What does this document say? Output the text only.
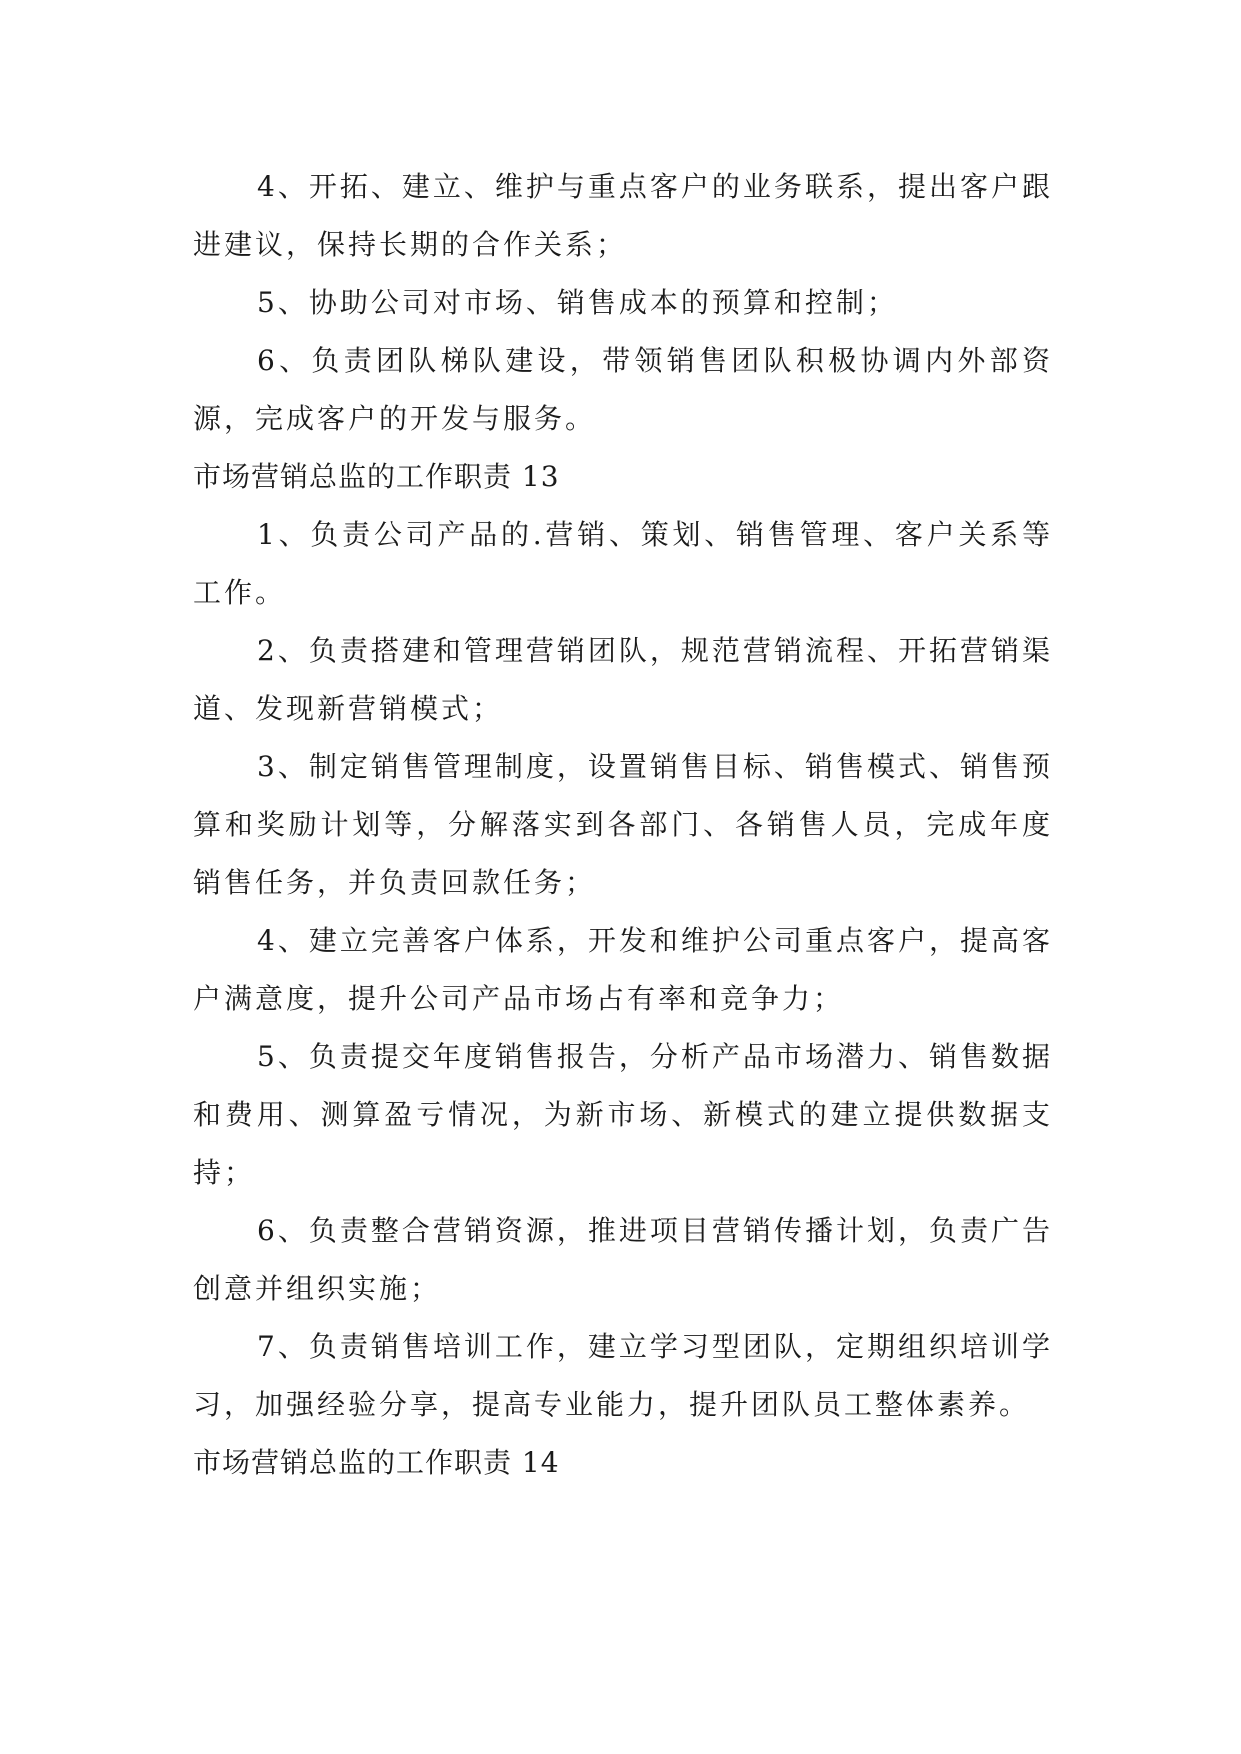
4、开拓、建立、维护与重点客户的业务联系，提出客户跟进建议，保持长期的合作关系；

5、协助公司对市场、销售成本的预算和控制；

6、负责团队梯队建设，带领销售团队积极协调内外部资源，完成客户的开发与服务。

市场营销总监的工作职责 13

1、负责公司产品的.营销、策划、销售管理、客户关系等工作。

2、负责搭建和管理营销团队，规范营销流程、开拓营销渠道、发现新营销模式；

3、制定销售管理制度，设置销售目标、销售模式、销售预算和奖励计划等，分解落实到各部门、各销售人员，完成年度销售任务，并负责回款任务；

4、建立完善客户体系，开发和维护公司重点客户，提高客户满意度，提升公司产品市场占有率和竞争力；

5、负责提交年度销售报告，分析产品市场潜力、销售数据和费用、测算盈亏情况，为新市场、新模式的建立提供数据支持；

6、负责整合营销资源，推进项目营销传播计划，负责广告创意并组织实施；

7、负责销售培训工作，建立学习型团队，定期组织培训学习，加强经验分享，提高专业能力，提升团队员工整体素养。

市场营销总监的工作职责 14
